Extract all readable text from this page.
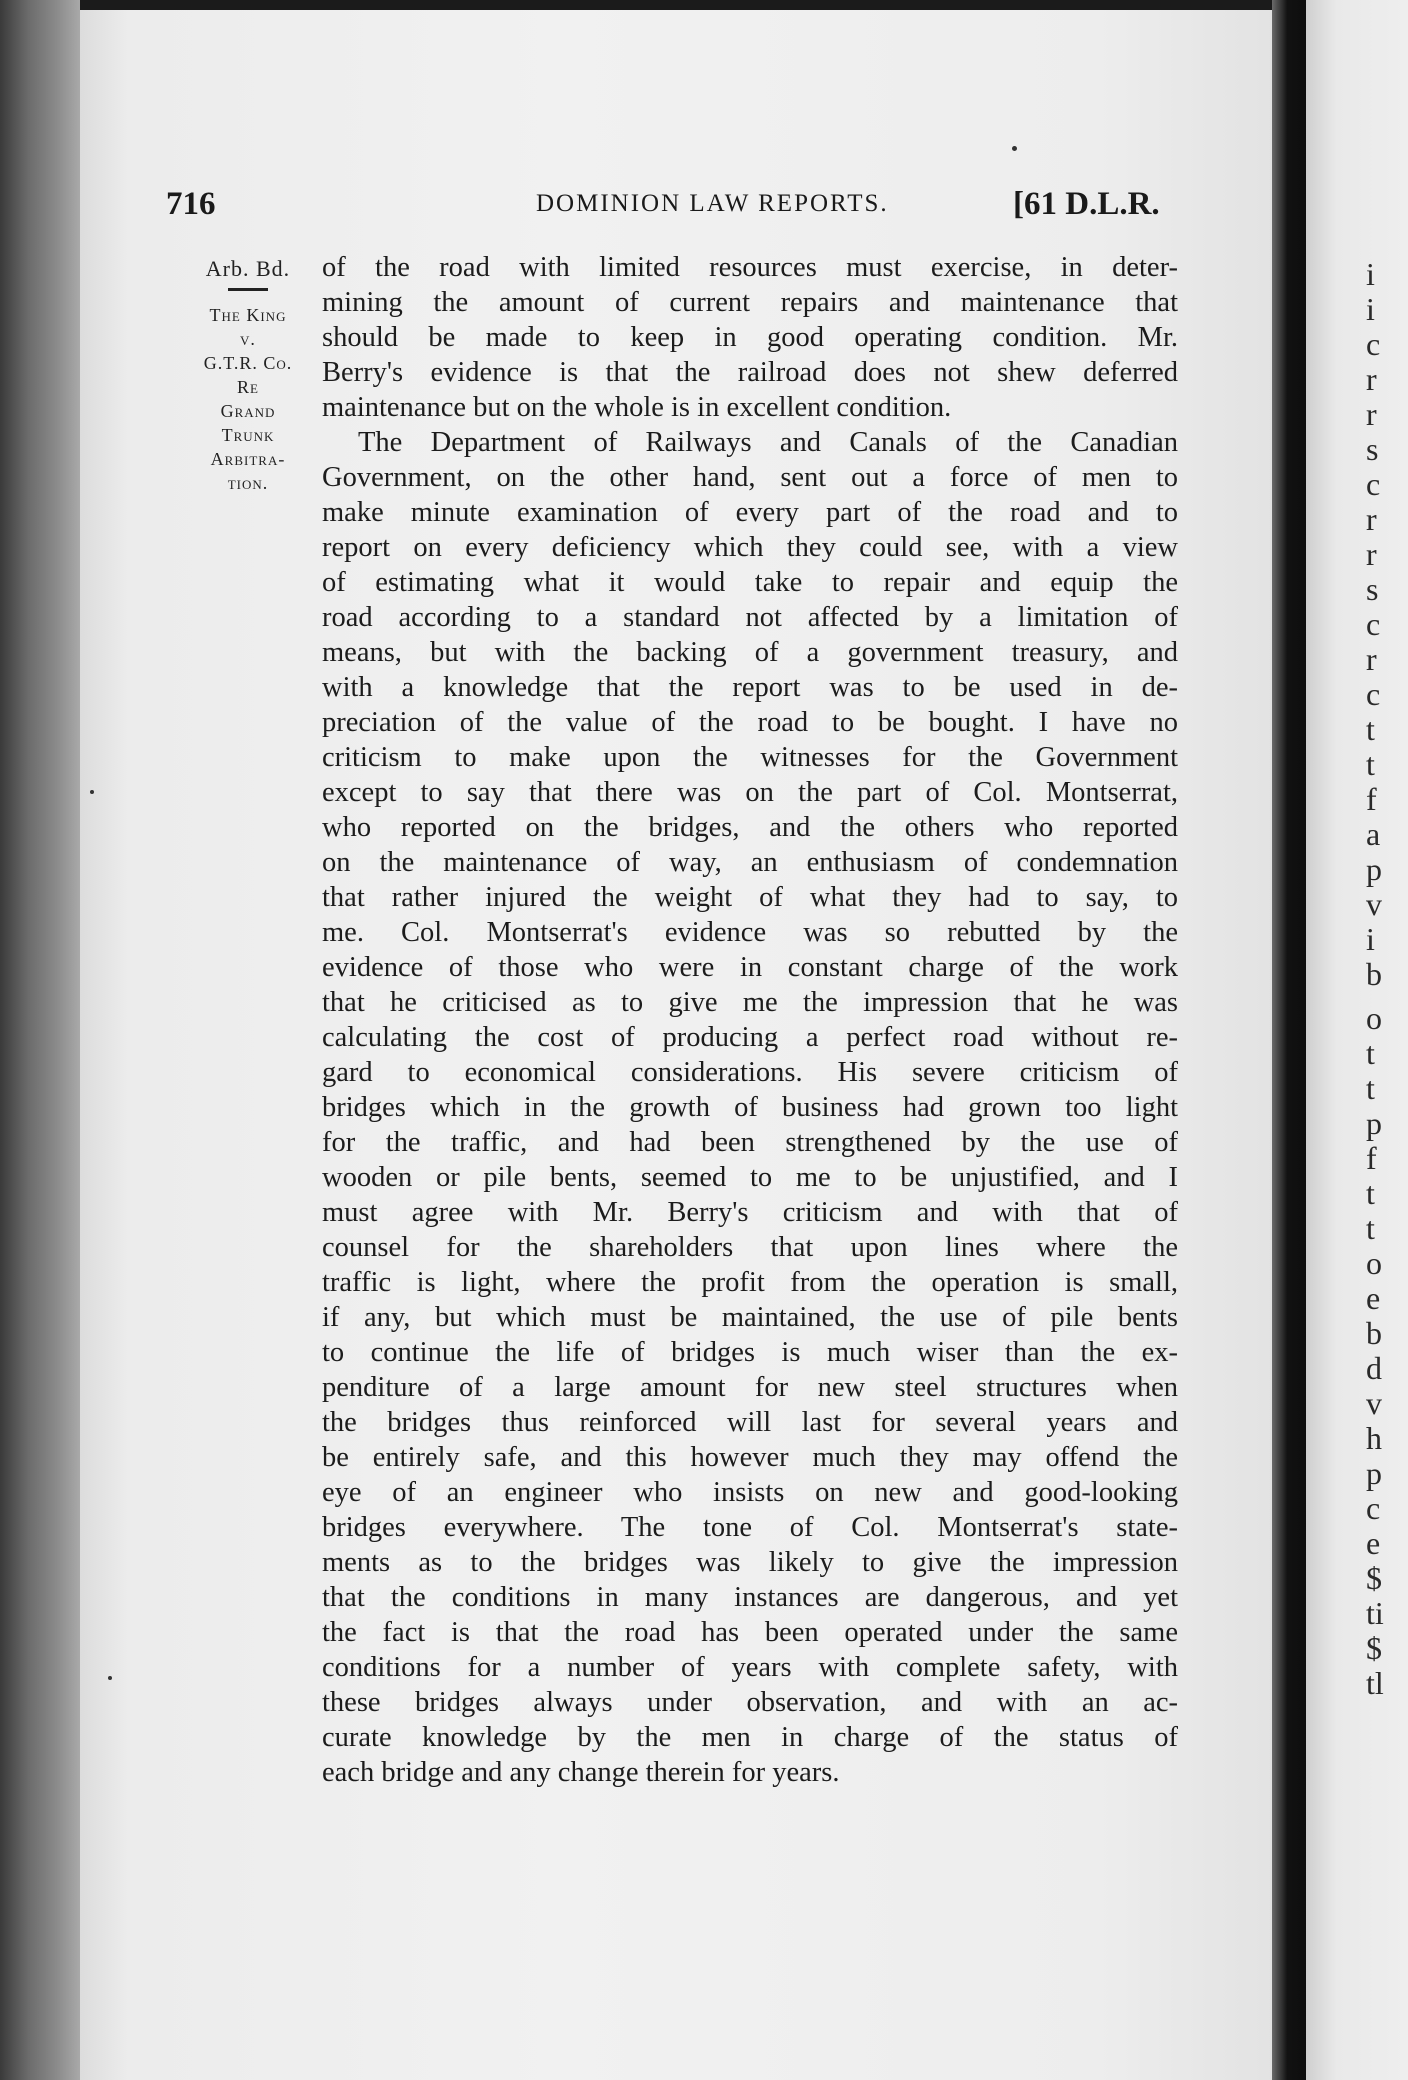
i
i
c
r
r
s
c
r
r
s
c
r
c
t
t
f
a
p
v
i
b
o
t
t
p
f
t
t
o
e
b
d
v
h
p
c
e
$
ti
$
tl
716	DOMINION LAW REPORTS.	[61 D.L.R.
Arb. Bd.
The King
v.
G.T.R. Co.
Re
Grand
Trunk
Arbitra-
tion.
of the road with limited resources must exercise, in deter-
mining the amount of current repairs and maintenance that
should be made to keep in good operating condition. Mr.
Berry's evidence is that the railroad does not shew deferred
maintenance but on the whole is in excellent condition.
The Department of Railways and Canals of the Canadian
Government, on the other hand, sent out a force of men to
make minute examination of every part of the road and to
report on every deficiency which they could see, with a view
of estimating what it would take to repair and equip the
road according to a standard not affected by a limitation of
means, but with the backing of a government treasury, and
with a knowledge that the report was to be used in de-
preciation of the value of the road to be bought. I have no
criticism to make upon the witnesses for the Government
except to say that there was on the part of Col. Montserrat,
who reported on the bridges, and the others who reported
on the maintenance of way, an enthusiasm of condemnation
that rather injured the weight of what they had to say, to
me. Col. Montserrat's evidence was so rebutted by the
evidence of those who were in constant charge of the work
that he criticised as to give me the impression that he was
calculating the cost of producing a perfect road without re-
gard to economical considerations. His severe criticism of
bridges which in the growth of business had grown too light
for the traffic, and had been strengthened by the use of
wooden or pile bents, seemed to me to be unjustified, and I
must agree with Mr. Berry's criticism and with that of
counsel for the shareholders that upon lines where the
traffic is light, where the profit from the operation is small,
if any, but which must be maintained, the use of pile bents
to continue the life of bridges is much wiser than the ex-
penditure of a large amount for new steel structures when
the bridges thus reinforced will last for several years and
be entirely safe, and this however much they may offend the
eye of an engineer who insists on new and good-looking
bridges everywhere. The tone of Col. Montserrat's state-
ments as to the bridges was likely to give the impression
that the conditions in many instances are dangerous, and yet
the fact is that the road has been operated under the same
conditions for a number of years with complete safety, with
these bridges always under observation, and with an ac-
curate knowledge by the men in charge of the status of
each bridge and any change therein for years.
